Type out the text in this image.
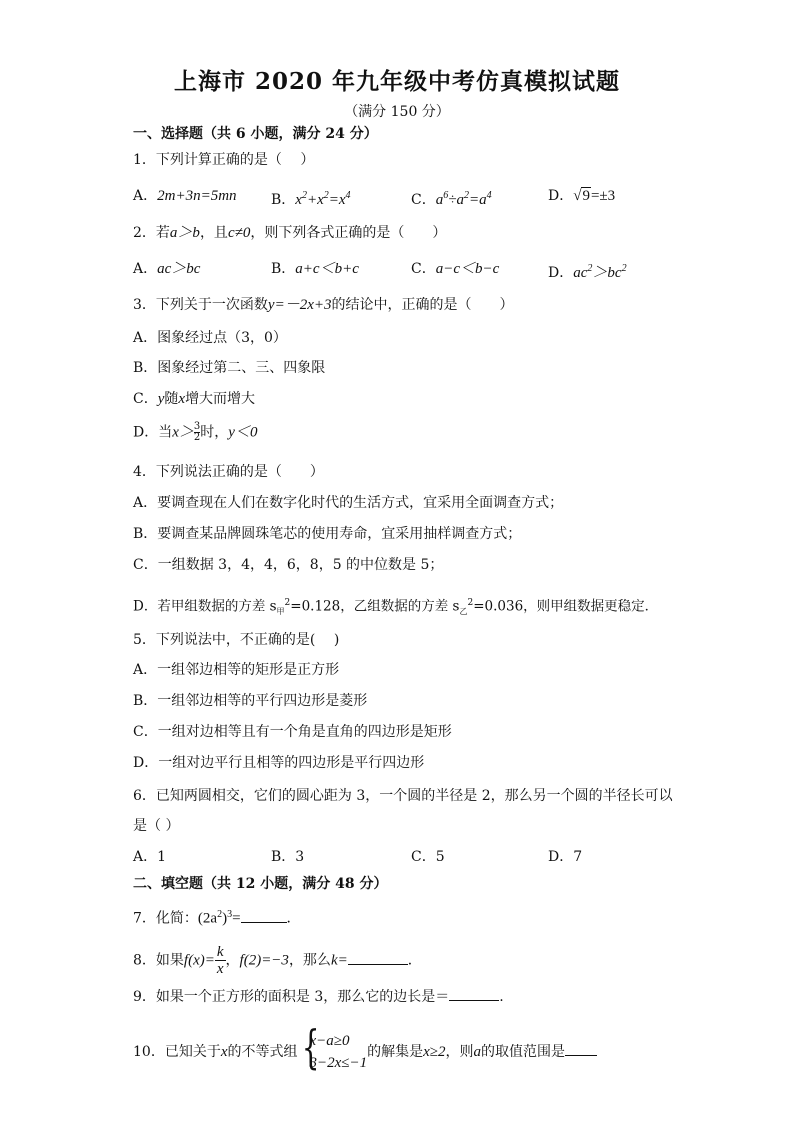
上海市 2020 年九年级中考仿真模拟试题
（满分 150 分）
一、选择题（共 6 小题，满分 24 分）
1．下列计算正确的是（　 ）
A．2m+3n=5mn B．$x^2+x^2=x^4$	C．$a^6\div a^2=a^4$	D．√9=±3
2．若a＞b，且c≠0，则下列各式正确的是（　　）
A．ac＞bc	B．a+c＜b+c	C．a−c＜b−c	D．$ac^2>bc^2$
3．下列关于一次函数y=－2x+3的结论中，正确的是（　　）
A．图象经过点（3，0）
B．图象经过第二、三、四象限
C．y随x增大而增大
D．当$x> \frac{3}{2}$时，y＜0
4．下列说法正确的是（　　）
A．要调查现在人们在数字化时代的生活方式，宜采用全面调查方式；
B．要调查某品牌圆珠笔芯的使用寿命，宜采用抽样调查方式；
C．一组数据 3，4，4，6，8，5 的中位数是 5；
D．若甲组数据的方差 $s_甲^2=0.128$，乙组数据的方差 $s_乙^2=0.036$，则甲组数据更稳定．
5．下列说法中，不正确的是(　 )
A．一组邻边相等的矩形是正方形
B．一组邻边相等的平行四边形是菱形
C．一组对边相等且有一个角是直角的四边形是矩形
D．一组对边平行且相等的四边形是平行四边形
6．已知两圆相交，它们的圆心距为 3，一个圆的半径是 2，那么另一个圆的半径长可以
是（ ）
A．1	B．3	C．5	D．7
二、填空题（共 12 小题，满分 48 分）
7．化简：$(2a^2)^3=$	．
8．如果$f(x)= \frac{k}{x}$ ，f(2)=−3，那么k=	．
9．如果一个正方形的面积是 3，那么它的边长是＝	.
10．已知关于x的不等式组 {
x−a≥0
3−2x≤−1
的解集是x≥2，则a的取值范围是
